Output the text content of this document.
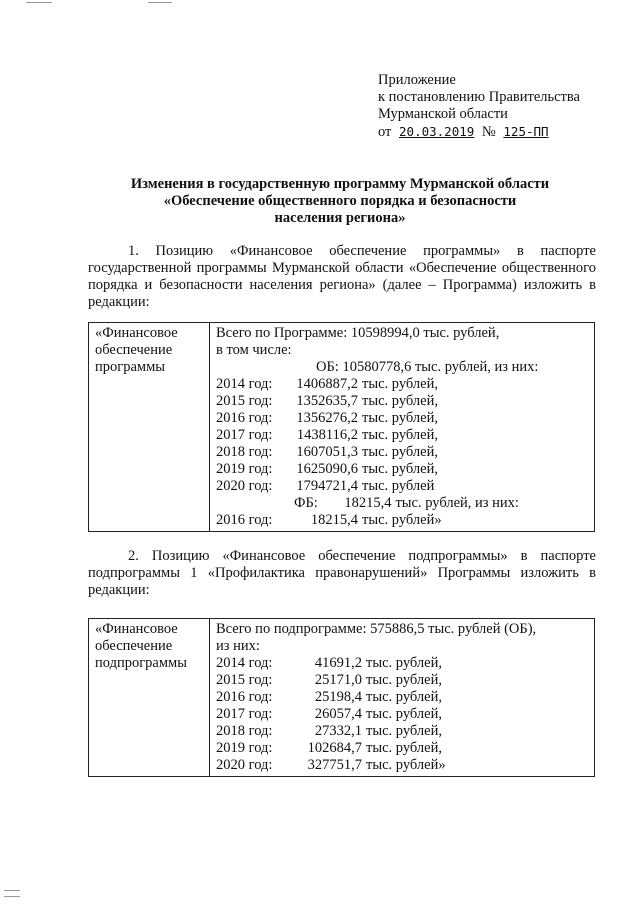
Приложение
к постановлению Правительства
Мурманской области
от 20.03.2019 № 125-ПП
Изменения в государственную программу Мурманской области
«Обеспечение общественного порядка и безопасности
населения региона»
1. Позицию «Финансовое обеспечение программы» в паспорте государственной программы Мурманской области «Обеспечение общественного порядка и безопасности населения региона» (далее – Программа) изложить в редакции:
«Финансовое
обеспечение
программы

Всего по Программе: 10598994,0 тыс. рублей,
в том числе:
ОБ: 10580778,6 тыс. рублей, из них:
2014 год: 1406887,2 тыс. рублей,
2015 год: 1352635,7 тыс. рублей,
2016 год: 1356276,2 тыс. рублей,
2017 год: 1438116,2 тыс. рублей,
2018 год: 1607051,3 тыс. рублей,
2019 год: 1625090,6 тыс. рублей,
2020 год: 1794721,4 тыс. рублей
ФБ: 18215,4 тыс. рублей, из них:
2016 год:	18215,4 тыс. рублей»
2. Позицию «Финансовое обеспечение подпрограммы» в паспорте подпрограммы 1 «Профилактика правонарушений» Программы изложить в редакции:
«Финансовое
обеспечение
подпрограммы

Всего по подпрограмме: 575886,5 тыс. рублей (ОБ),
из них:
2014 год:	41691,2 тыс. рублей,
2015 год:	25171,0 тыс. рублей,
2016 год:	25198,4 тыс. рублей,
2017 год:	26057,4 тыс. рублей,
2018 год:	27332,1 тыс. рублей,
2019 год: 102684,7 тыс. рублей,
2020 год: 327751,7 тыс. рублей»
